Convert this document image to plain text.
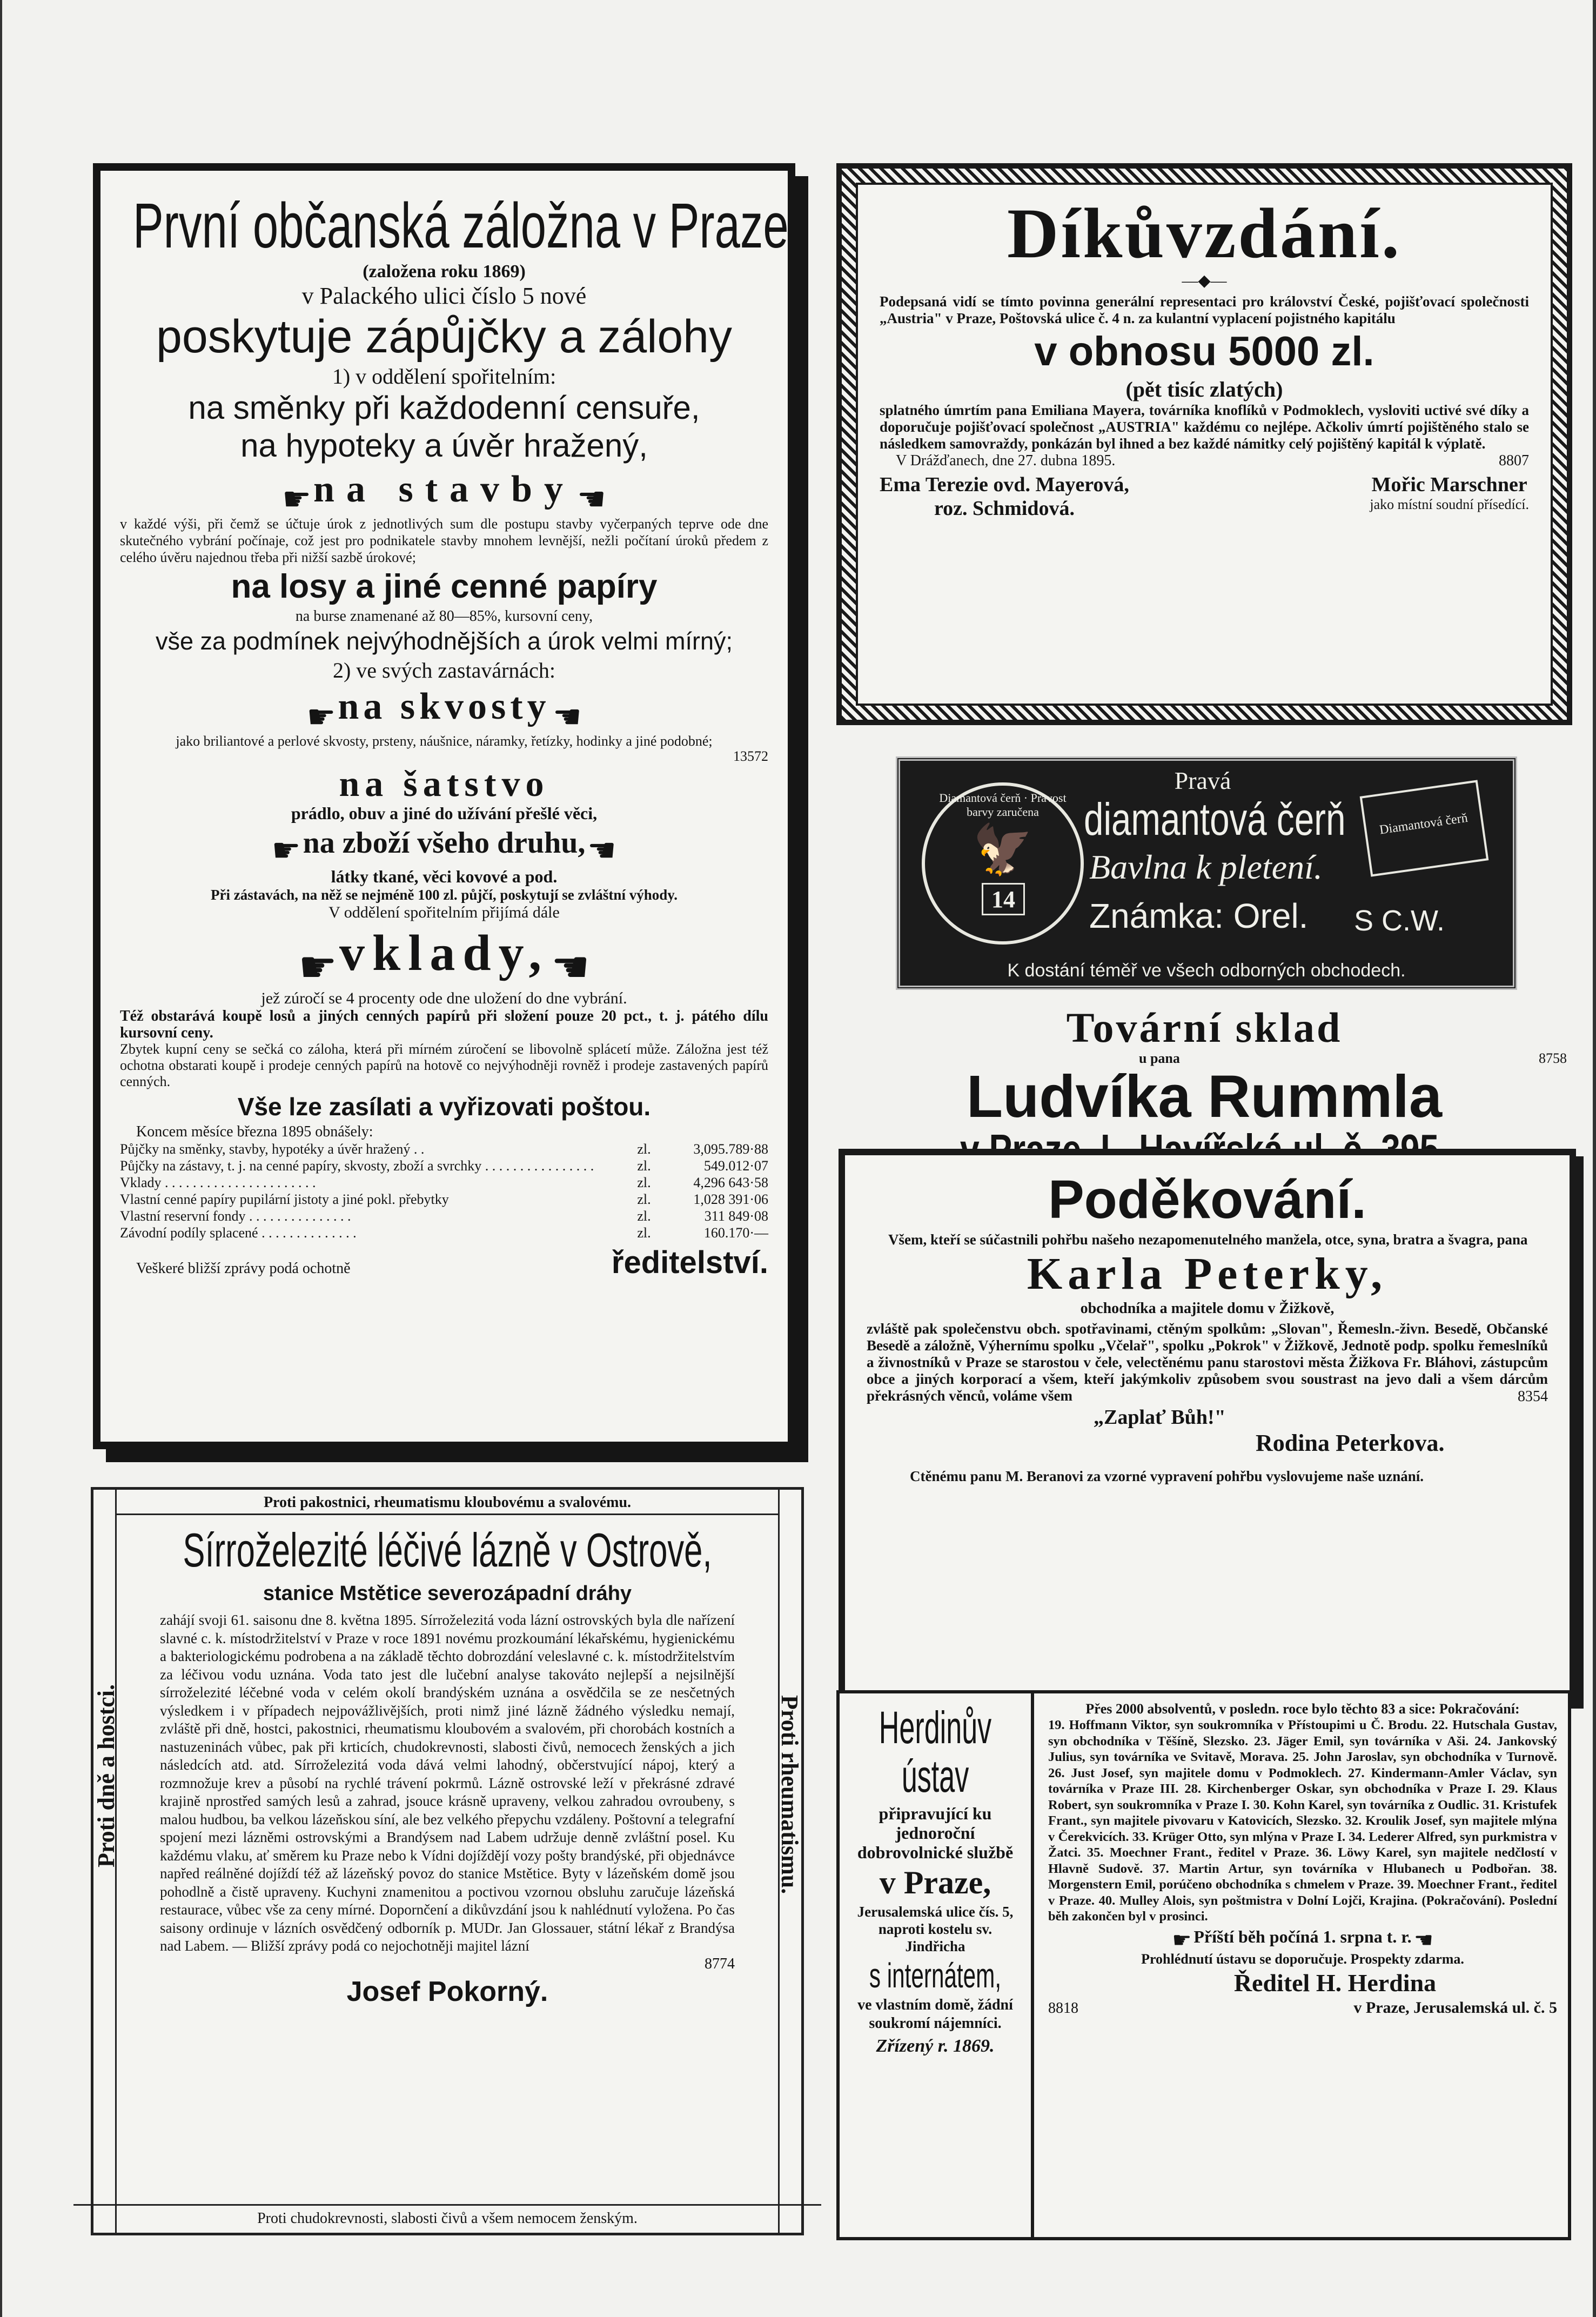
První občanská záložna v Praze
(založena roku 1869)
v Palackého ulici číslo 5 nové
poskytuje zápůjčky a zálohy
1) v oddělení spořitelním:
na směnky při každodenní censuře,
na hypoteky a úvěr hražený,
☛ na stavby ☛
v každé výši, při čemž se účtuje úrok z jednotlivých sum dle postupu stavby vyčerpaných teprve ode dne skutečného vybrání počínaje, což jest pro podnikatele stavby mnohem levnější, nežli počítaní úroků předem z celého úvěru najednou třeba při nižší sazbě úrokové;
na losy a jiné cenné papíry
na burse znamenané až 80—85%, kursovní ceny,
vše za podmínek nejvýhodnějších a úrok velmi mírný;
2) ve svých zastavárnách:
☛ na skvosty ☛
jako briliantové a perlové skvosty, prsteny, náušnice, náramky, řetízky, hodinky a jiné podobné;
13572
na šatstvo
prádlo, obuv a jiné do užívání přešlé věci,
☛ na zboží všeho druhu, ☛
látky tkané, věci kovové a pod.
Při zástavách, na něž se nejméně 100 zl. půjčí, poskytují se zvláštní výhody.
V oddělení spořitelním přijímá dále
☛ vklady, ☛
jež zúročí se 4 procenty ode dne uložení do dne vybrání.
Též obstarává koupě losů a jiných cenných papírů při složení pouze 20 pct., t. j. pátého dílu kursovní ceny.
Zbytek kupní ceny se sečká co záloha, která při mírném zúročení se libovolně splácetí může. Záložna jest též ochotna obstarati koupě i prodeje cenných papírů na hotově co nejvýhodněji rovněž i prodeje zastavených papírů cenných.
Vše lze zasílati a vyřizovati poštou.
Koncem měsíce března 1895 obnášely:
Půjčky na směnky, stavby, hypotéky a úvěr hražený . .	zl.	3,095.789·88
Půjčky na zástavy, t. j. na cenné papíry, skvosty, zboží a svrchky . . . . . . . . . . . . . . . .	zl.	549.012·07
Vklady . . . . . . . . . . . . . . . . . . . . . .	zl.	4,296 643·58
Vlastní cenné papíry pupilární jistoty a jiné pokl. přebytky	zl.	1,028 391·06
Vlastní reservní fondy . . . . . . . . . . . . . . .	zl.	311 849·08
Závodní podíly splacené . . . . . . . . . . . . . .	zl.	160.170·—
Veškeré bližší zprávy podá ochotně	ředitelství.
Proti dně a hostci.	Proti rheumatismu.
Proti pakostnici, rheumatismu kloubovému a svalovému.
Sírroželezité léčivé lázně v Ostrově,
stanice Mstětice severozápadní dráhy
zahájí svoji 61. saisonu dne 8. května 1895. Sírroželezitá voda lázní ostrovských byla dle nařízení slavné c. k. místodržitelství v Praze v roce 1891 novému prozkoumání lékařskému, hygienickému a bakteriologickému podrobena a na základě těchto dobrozdání veleslavné c. k. místodržitelstvím za léčivou vodu uznána. Voda tato jest dle lučební analyse takováto nejlepší a nejsilnější sírroželezité léčebné voda v celém okolí brandýském uznána a osvědčila se ze nesčetných výsledkem i v případech nejpovážlivějších, proti nimž jiné lázně žádného výsledku nemají, zvláště při dně, hostci, pakostnici, rheumatismu kloubovém a svalovém, při chorobách kostních a nastuzeninách vůbec, pak při krticích, chudokrevnosti, slabosti čivů, nemocech ženských a jich následcích atd. atd. Sírroželezitá voda dává velmi lahodný, občerstvující nápoj, který a rozmnožuje krev a působí na rychlé trávení pokrmů. Lázně ostrovské leží v překrásné zdravé krajině nprostřed samých lesů a zahrad, jsouce krásně upraveny, velkou zahradou ovroubeny, s malou hudbou, ba velkou lázeňskou síní, ale bez velkého přepychu vzdáleny. Poštovní a telegrafní spojení mezi lázněmi ostrovskými a Brandýsem nad Labem udržuje denně zvláštní posel. Ku každému vlaku, ať směrem ku Praze nebo k Vídni dojíždějí vozy pošty brandýské, při objednávce napřed reálněné dojíždí též až lázeňský povoz do stanice Mstětice. Byty v lázeňském domě jsou pohodlně a čistě upraveny. Kuchyni znamenitou a poctivou vzornou obsluhu zaručuje lázeňská restaurace, vůbec vše za ceny mírné. Dopornčení a dikůvzdání jsou k nahlédnutí vyložena. Po čas saisony ordinuje v lázních osvědčený odborník p. MUDr. Jan Glossauer, státní lékař z Brandýsa nad Labem. — Bližší zprávy podá co nejochotněji majitel lázní
8774
Josef Pokorný.
Proti chudokrevnosti, slabosti čivů a všem nemocem ženským.
Díkůvzdání.
—◆—
Podepsaná vidí se tímto povinna generální representaci pro království České, pojišťovací společnosti „Austria" v Praze, Poštovská ulice č. 4 n. za kulantní vyplacení pojistného kapitálu
v obnosu 5000 zl.
(pět tisíc zlatých)
splatného úmrtím pana Emiliana Mayera, továrníka knoflíků v Podmoklech, vysloviti uctivé své díky a doporučuje pojišťovací společnost „AUSTRIA" každému co nejlépe. Ačkoliv úmrtí pojištěného stalo se následkem samovraždy, ponkázán byl ihned a bez každé námitky celý pojištěný kapitál k výplatě.
V Drážďanech, dne 27. dubna 1895.	8807
Ema Terezie ovd. Mayerová,
roz. Schmidová.
Mořic Marschner
jako místní soudní přísedící.
Diamantová čerň · Pravost barvy zaručena
🦅
14
Pravá
diamantová čerň
Bavlna k pletení.
Známka: Orel. S C.W.
Diamantová čerň
K dostání téměř ve všech odborných obchodech.
Tovární sklad
u pana	8758
Ludvíka Rummla
Poděkování.
Všem, kteří se súčastnili pohřbu našeho nezapomenutelného manžela, otce, syna, bratra a švagra, pana
Karla Peterky,
obchodníka a majitele domu v Žižkově,
zvláště pak společenstvu obch. spotřavinami, ctěným spolkům: „Slovan", Řemesln.-živn. Besedě, Občanské Besedě a záložně, Výhernímu spolku „Včelař", spolku „Pokrok" v Žižkově, Jednotě podp. spolku řemeslníků a živnostníků v Praze se starostou v čele, velectěnému panu starostovi města Žižkova Fr. Bláhovi, zástupcům obce a jiných korporací a všem, kteří jakýmkoliv způsobem svou soustrast na jevo dali a všem dárcům překrásných věnců, voláme všem	8354
„Zaplať Bůh!"
Rodina Peterkova.
Ctěnému panu M. Beranovi za vzorné vypravení pohřbu vyslovujeme naše uznání.
Herdinův
ústav
připravující ku jednoroční dobrovolnické službě
v Praze,
Jerusalemská ulice čís. 5, naproti kostelu sv. Jindřicha
s internátem,
ve vlastním domě, žádní soukromí nájemníci.
Zřízený r. 1869.
Přes 2000 absolventů, v posledn. roce bylo těchto 83 a sice: Pokračování:
19. Hoffmann Viktor, syn soukromníka v Přístoupimi u Č. Brodu. 22. Hutschala Gustav, syn obchodníka v Těšíně, Slezsko. 23. Jäger Emil, syn továrníka v Aši. 24. Jankovský Julius, syn továrníka ve Svitavě, Morava. 25. John Jaroslav, syn obchodníka v Turnově. 26. Just Josef, syn majitele domu v Podmoklech. 27. Kindermann-Amler Václav, syn továrníka v Praze III. 28. Kirchenberger Oskar, syn obchodníka v Praze I. 29. Klaus Robert, syn soukromníka v Praze I. 30. Kohn Karel, syn továrníka z Oudlic. 31. Kristufek Frant., syn majitele pivovaru v Katovicích, Slezsko. 32. Kroulik Josef, syn majitele mlýna v Čerekvicích. 33. Krüger Otto, syn mlýna v Praze I. 34. Lederer Alfred, syn purkmistra v Žatci. 35. Moechner Frant., ředitel v Praze. 36. Löwy Karel, syn majitele nedčlostí v Hlavně Sudově. 37. Martin Artur, syn továrníka v Hlubanech u Podbořan. 38. Morgenstern Emil, porúčeno obchodníka s chmelem v Praze. 39. Moechner Frant., ředitel v Praze. 40. Mulley Alois, syn poštmistra v Dolní Lojči, Krajina. (Pokračování). Poslední běh zakončen byl v prosinci.
☛ Příští běh počíná 1. srpna t. r. ☛
Prohlédnutí ústavu se doporučuje. Prospekty zdarma.
Ředitel H. Herdina
8818	v Praze, Jerusalemská ul. č. 5
